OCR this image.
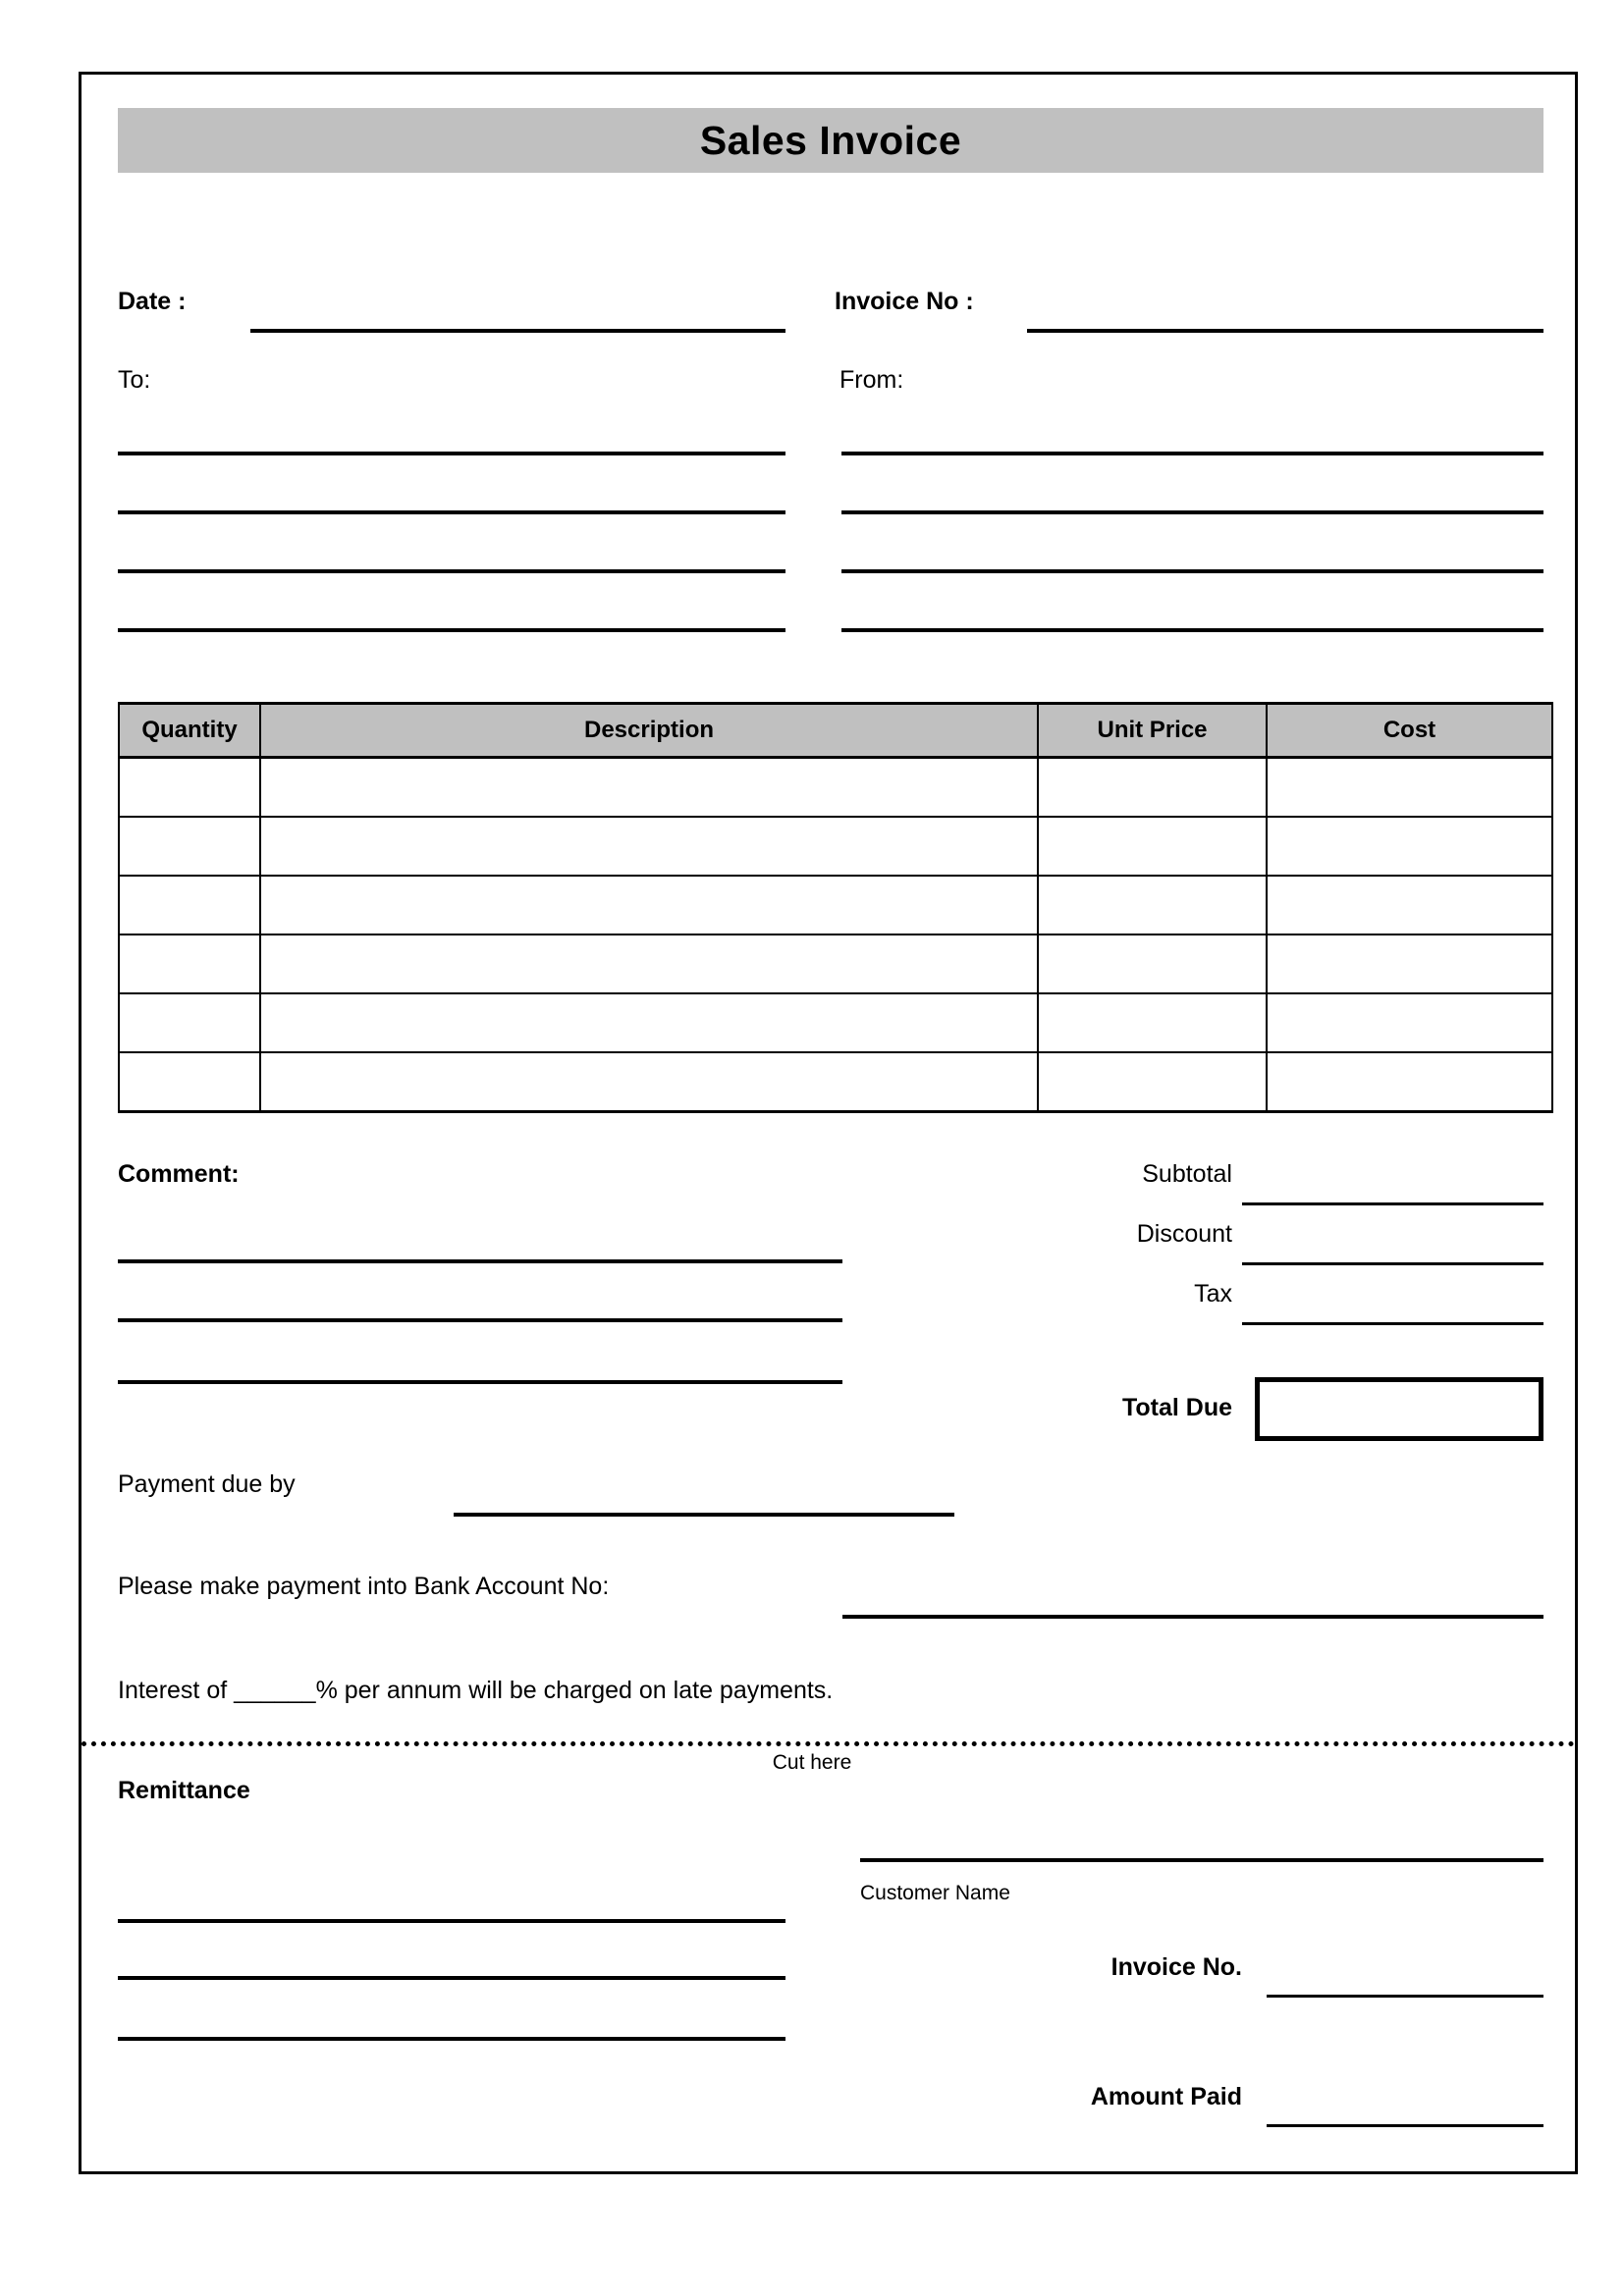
Sales Invoice
Date :	Invoice No :
To:	From:
Quantity	Description	Unit Price	Cost

Comment:	Subtotal
Discount
Tax
Total Due
Payment due by
Please make payment into Bank Account No:
Interest of ______% per annum will be charged on late payments.
Cut here
Remittance
Customer Name
Invoice No.
Amount Paid
